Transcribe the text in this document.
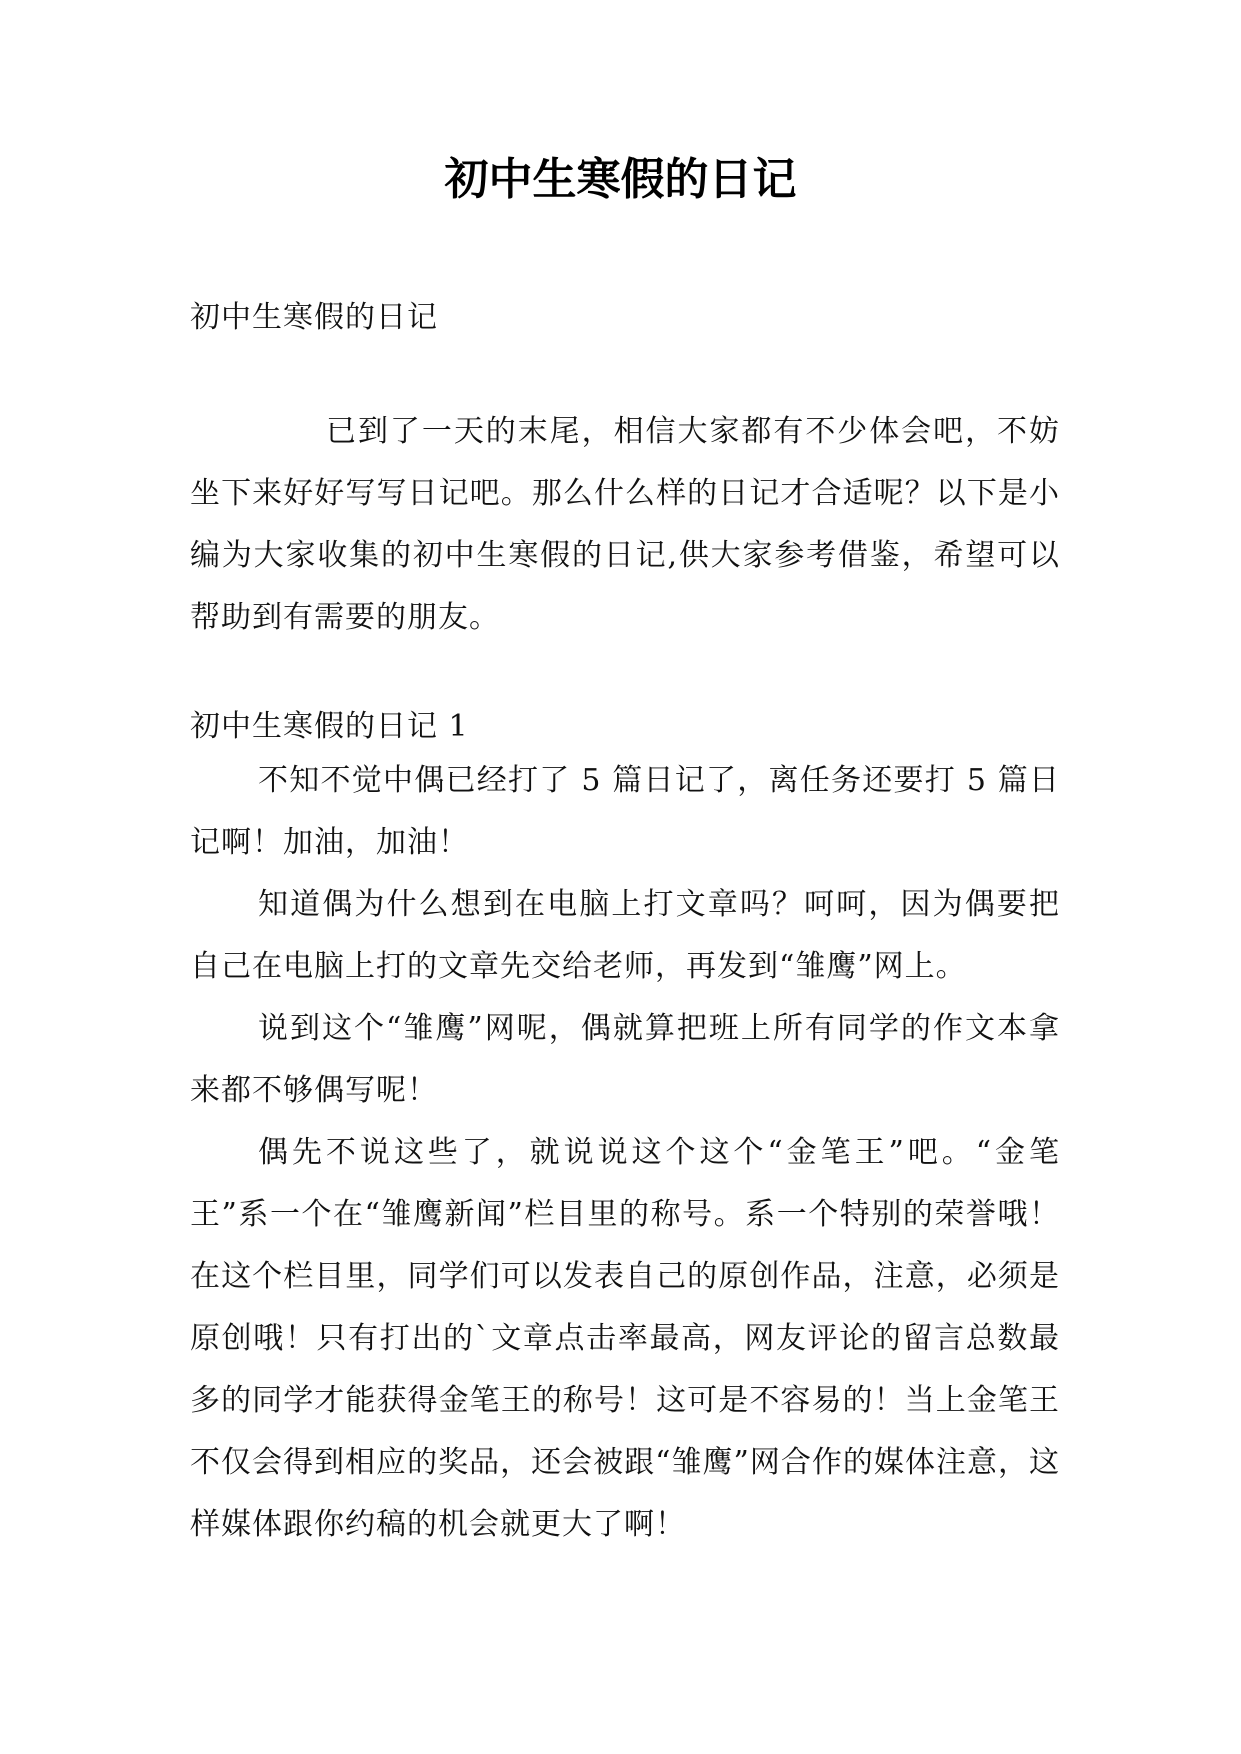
初中生寒假的日记

初中生寒假的日记

已到了一天的末尾，相信大家都有不少体会吧，不妨坐下来好好写写日记吧。那么什么样的日记才合适呢？以下是小编为大家收集的初中生寒假的日记,供大家参考借鉴，希望可以帮助到有需要的朋友。

初中生寒假的日记 1

不知不觉中偶已经打了 5 篇日记了，离任务还要打 5 篇日记啊！加油，加油！

知道偶为什么想到在电脑上打文章吗？呵呵，因为偶要把自己在电脑上打的文章先交给老师，再发到“雏鹰”网上。

说到这个“雏鹰”网呢，偶就算把班上所有同学的作文本拿来都不够偶写呢！

偶先不说这些了，就说说这个这个“金笔王”吧。“金笔王”系一个在“雏鹰新闻”栏目里的称号。系一个特别的荣誉哦！在这个栏目里，同学们可以发表自己的原创作品，注意，必须是原创哦！只有打出的`文章点击率最高，网友评论的留言总数最多的同学才能获得金笔王的称号！这可是不容易的！当上金笔王不仅会得到相应的奖品，还会被跟“雏鹰”网合作的媒体注意，这样媒体跟你约稿的机会就更大了啊！
